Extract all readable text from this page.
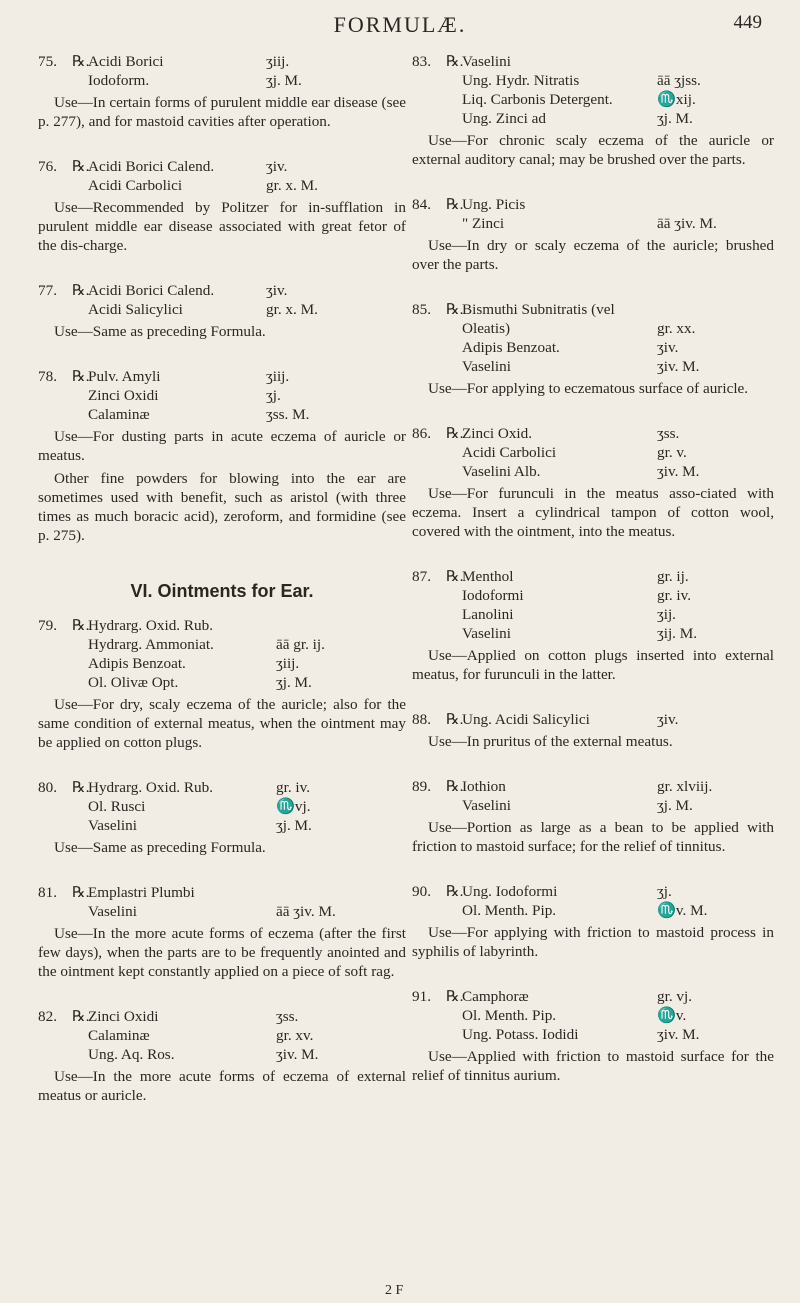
FORMULÆ.	449
75. ℞.
Acidi Borici	ʒiij.
Iodoform.	ʒj. M.
Use—In certain forms of purulent middle ear disease (see p. 277), and for mastoid cavities after operation.
76. ℞.
Acidi Borici Calend.	ʒiv.
Acidi Carbolici	gr. x. M.
Use—Recommended by Politzer for in-sufflation in purulent middle ear disease associated with great fetor of the dis-charge.
77. ℞.
Acidi Borici Calend.	ʒiv.
Acidi Salicylici	gr. x. M.
Use—Same as preceding Formula.
78. ℞.
Pulv. Amyli	ʒiij.
Zinci Oxidi	ʒj.
Calaminæ	ʒss. M.
Use—For dusting parts in acute eczema of auricle or meatus.
Other fine powders for blowing into the ear are sometimes used with benefit, such as aristol (with three times as much boracic acid), zeroform, and formidine (see p. 275).
VI. Ointments for Ear.
79. ℞.
Hydrarg. Oxid. Rub.
Hydrarg. Ammoniat.	āā gr. ij.
Adipis Benzoat.	ʒiij.
Ol. Olivæ Opt.	ʒj. M.
Use—For dry, scaly eczema of the auricle; also for the same condition of external meatus, when the ointment may be applied on cotton plugs.
80. ℞.
Hydrarg. Oxid. Rub.	gr. iv.
Ol. Rusci	♏vj.
Vaselini	ʒj. M.
Use—Same as preceding Formula.
81. ℞.
Emplastri Plumbi
Vaselini	āā ʒiv. M.
Use—In the more acute forms of eczema (after the first few days), when the parts are to be frequently anointed and the ointment kept constantly applied on a piece of soft rag.
82. ℞.
Zinci Oxidi	ʒss.
Calaminæ	gr. xv.
Ung. Aq. Ros.	ʒiv. M.
Use—In the more acute forms of eczema of external meatus or auricle.
83. ℞.
Vaselini
Ung. Hydr. Nitratis	āā ʒjss.
Liq. Carbonis Detergent.	♏xij.
Ung. Zinci ad	ʒj. M.
Use—For chronic scaly eczema of the auricle or external auditory canal; may be brushed over the parts.
84. ℞.
Ung. Picis
" Zinci	āā ʒiv. M.
Use—In dry or scaly eczema of the auricle; brushed over the parts.
85. ℞.
Bismuthi Subnitratis (vel
Oleatis)	gr. xx.
Adipis Benzoat.	ʒiv.
Vaselini	ʒiv. M.
Use—For applying to eczematous surface of auricle.
86. ℞.
Zinci Oxid.	ʒss.
Acidi Carbolici	gr. v.
Vaselini Alb.	ʒiv. M.
Use—For furunculi in the meatus asso-ciated with eczema. Insert a cylindrical tampon of cotton wool, covered with the ointment, into the meatus.
87. ℞.
Menthol	gr. ij.
Iodoformi	gr. iv.
Lanolini	ʒij.
Vaselini	ʒij. M.
Use—Applied on cotton plugs inserted into external meatus, for furunculi in the latter.
88. ℞.
Ung. Acidi Salicylici	ʒiv.
Use—In pruritus of the external meatus.
89. ℞.
Iothion	gr. xlviij.
Vaselini	ʒj. M.
Use—Portion as large as a bean to be applied with friction to mastoid surface; for the relief of tinnitus.
90. ℞.
Ung. Iodoformi	ʒj.
Ol. Menth. Pip.	♏v. M.
Use—For applying with friction to mastoid process in syphilis of labyrinth.
91. ℞.
Camphoræ	gr. vj.
Ol. Menth. Pip.	♏v.
Ung. Potass. Iodidi	ʒiv. M.
Use—Applied with friction to mastoid surface for the relief of tinnitus aurium.
2 F
